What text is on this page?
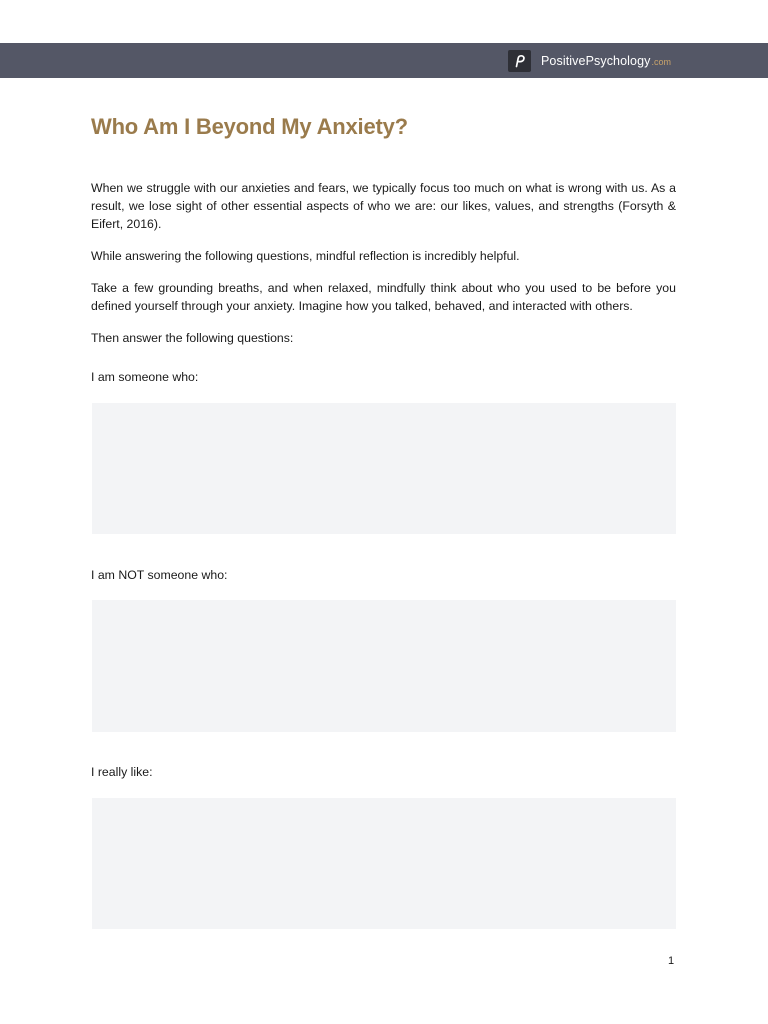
PositivePsychology .com
Who Am I Beyond My Anxiety?

When we struggle with our anxieties and fears, we typically focus too much on what is wrong with us. As a result, we lose sight of other essential aspects of who we are: our likes, values, and strengths (Forsyth & Eifert, 2016).

While answering the following questions, mindful reflection is incredibly helpful.

Take a few grounding breaths, and when relaxed, mindfully think about who you used to be before you defined yourself through your anxiety. Imagine how you talked, behaved, and interacted with others.

Then answer the following questions:

I am someone who:

I am NOT someone who:

I really like:

1
